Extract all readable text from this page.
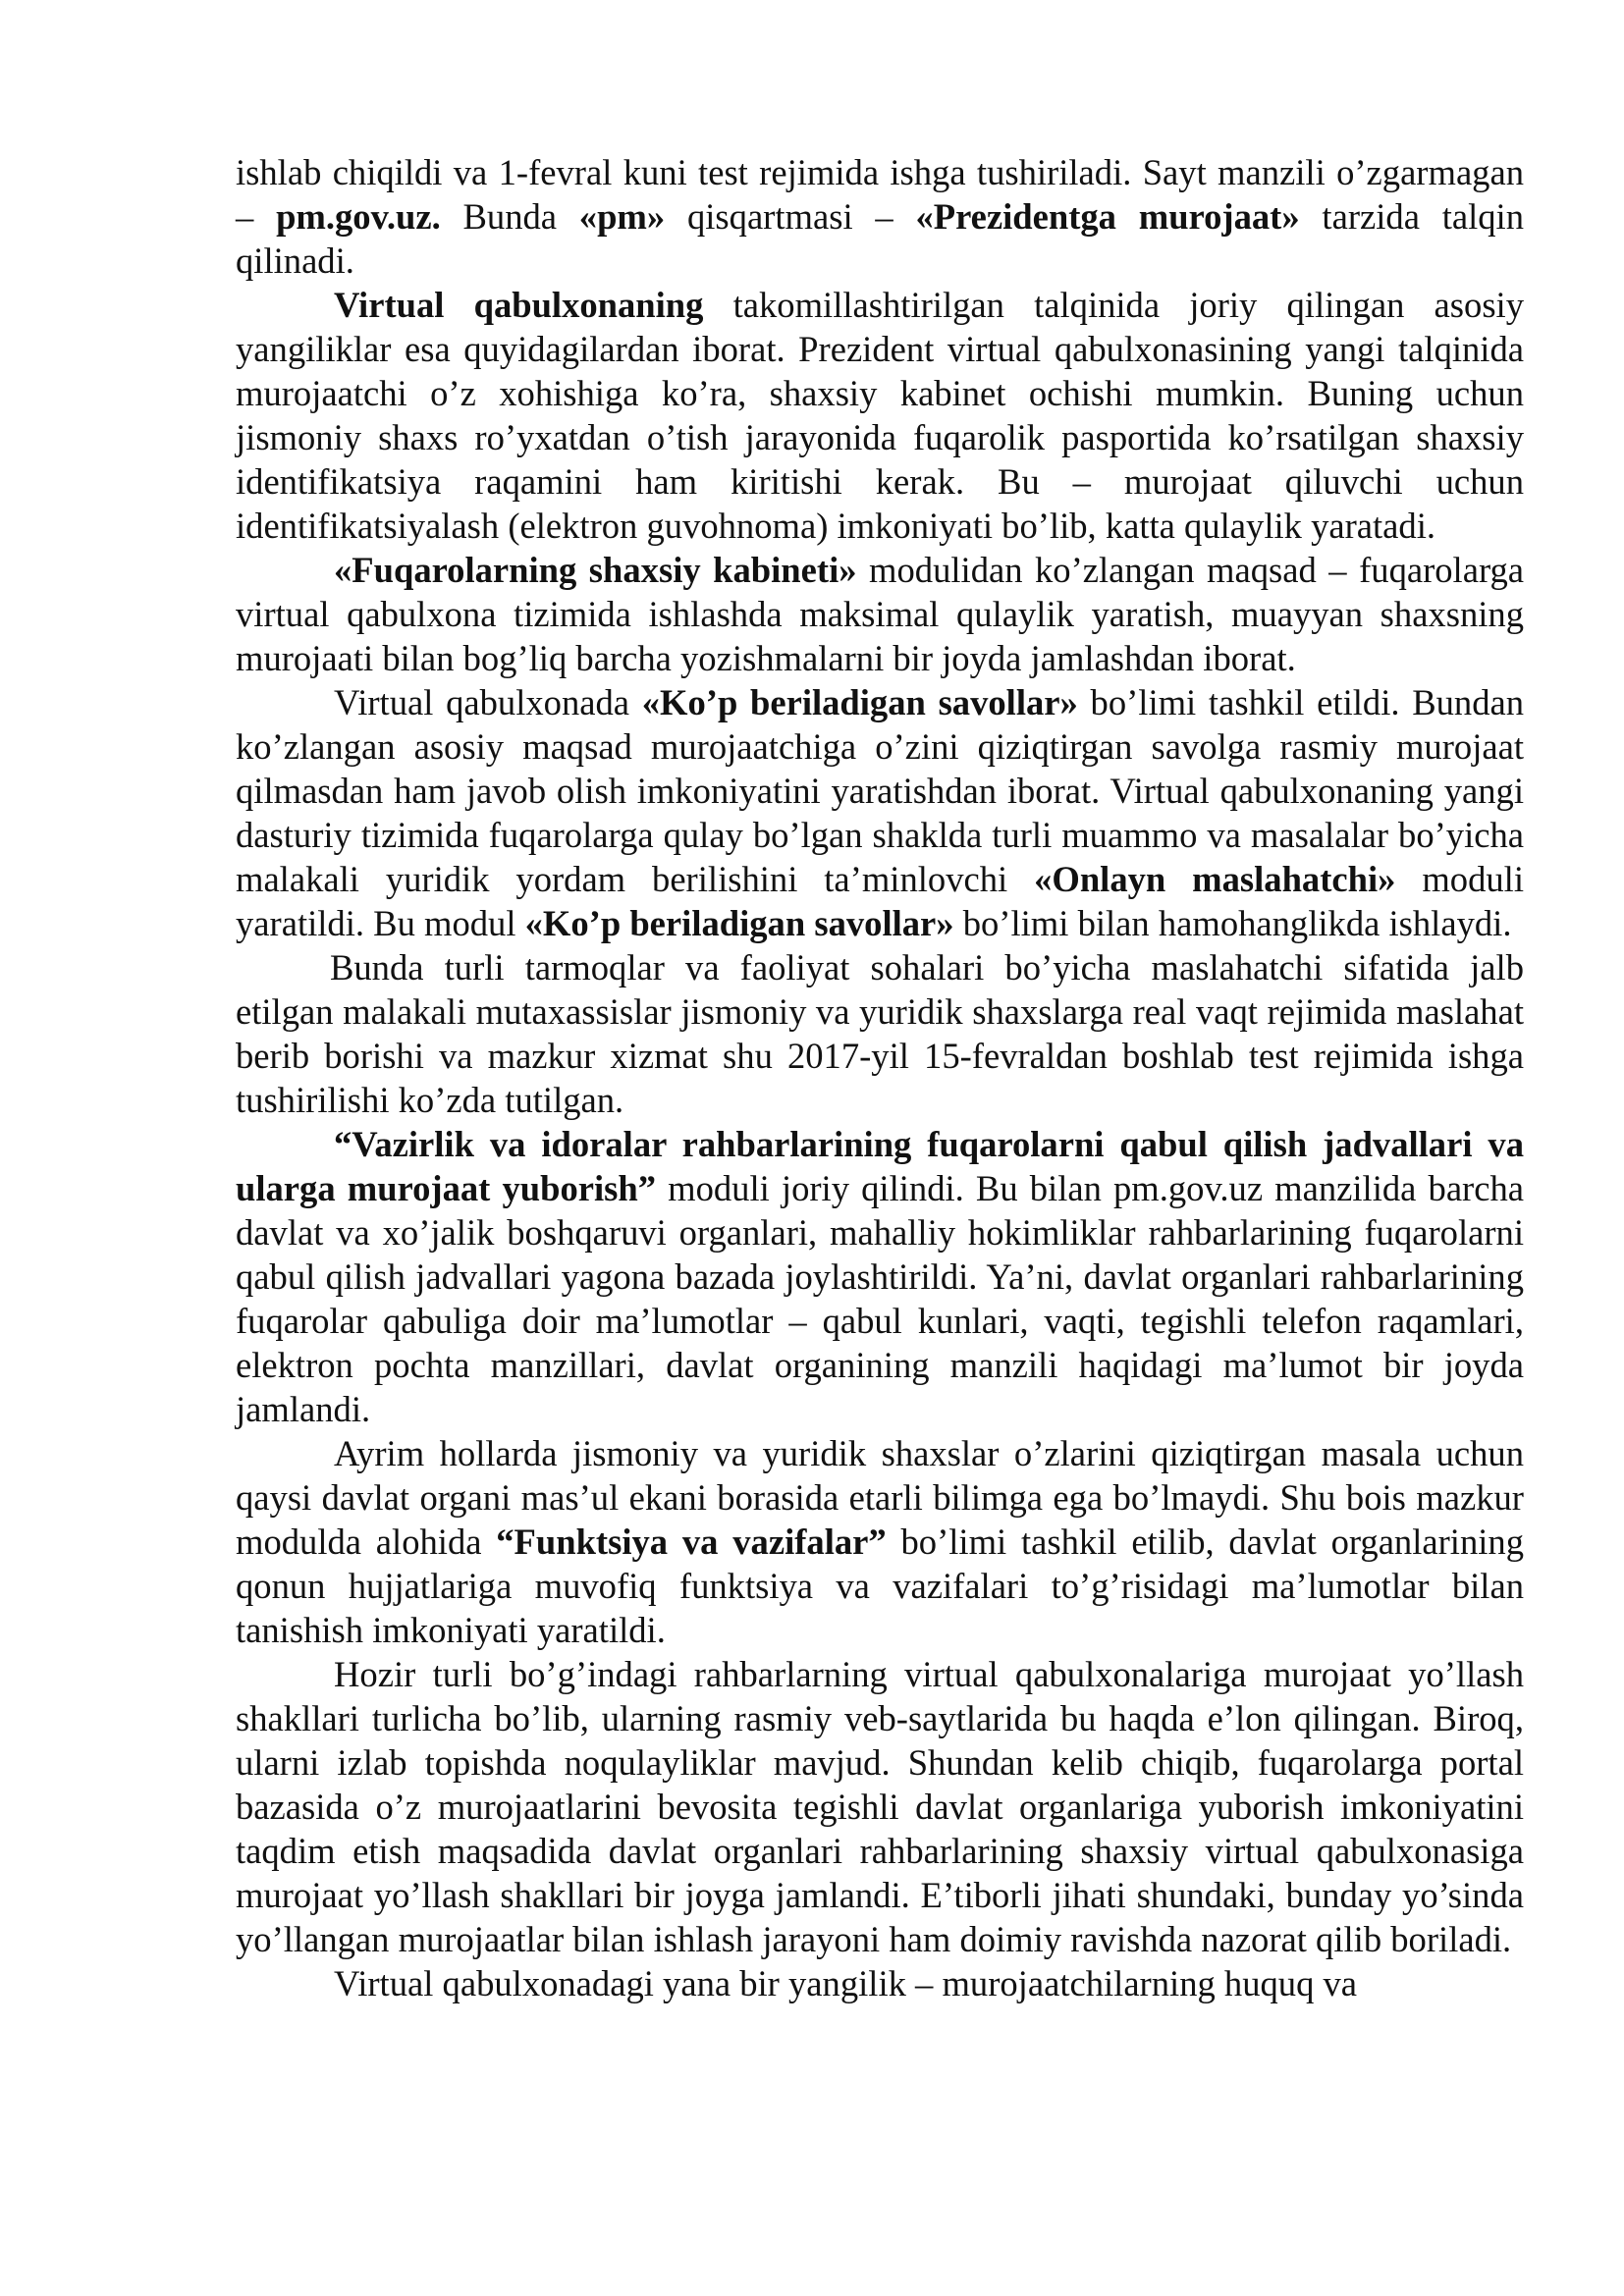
ishlab chiqildi va 1-fevral kuni test rejimida ishga tushiriladi. Sayt manzili o’zgarmagan – pm.gov.uz. Bunda «pm» qisqartmasi – «Prezidentga murojaat» tarzida talqin qilinadi.

Virtual qabulxonaning takomillashtirilgan talqinida joriy qilingan asosiy yangiliklar esa quyidagilardan iborat. Prezident virtual qabulxonasining yangi talqinida murojaatchi o’z xohishiga ko’ra, shaxsiy kabinet ochishi mumkin. Buning uchun jismoniy shaxs ro’yxatdan o’tish jarayonida fuqarolik pasportida ko’rsatilgan shaxsiy identifikatsiya raqamini ham kiritishi kerak. Bu – murojaat qiluvchi uchun identifikatsiyalash (elektron guvohnoma) imkoniyati bo’lib, katta qulaylik yaratadi.

«Fuqarolarning shaxsiy kabineti» modulidan ko’zlangan maqsad – fuqarolarga virtual qabulxona tizimida ishlashda maksimal qulaylik yaratish, muayyan shaxsning murojaati bilan bog’liq barcha yozishmalarni bir joyda jamlashdan iborat.

Virtual qabulxonada «Ko’p beriladigan savollar» bo’limi tashkil etildi. Bundan ko’zlangan asosiy maqsad murojaatchiga o’zini qiziqtirgan savolga rasmiy murojaat qilmasdan ham javob olish imkoniyatini yaratishdan iborat. Virtual qabulxonaning yangi dasturiy tizimida fuqarolarga qulay bo’lgan shaklda turli muammo va masalalar bo’yicha malakali yuridik yordam berilishini ta’minlovchi «Onlayn maslahatchi» moduli yaratildi. Bu modul «Ko’p beriladigan savollar» bo’limi bilan hamohanglikda ishlaydi.

Bunda turli tarmoqlar va faoliyat sohalari bo’yicha maslahatchi sifatida jalb etilgan malakali mutaxassislar jismoniy va yuridik shaxslarga real vaqt rejimida maslahat berib borishi va mazkur xizmat shu 2017-yil 15-fevraldan boshlab test rejimida ishga tushirilishi ko’zda tutilgan.

“Vazirlik va idoralar rahbarlarining fuqarolarni qabul qilish jadvallari va ularga murojaat yuborish” moduli joriy qilindi. Bu bilan pm.gov.uz manzilida barcha davlat va xo’jalik boshqaruvi organlari, mahalliy hokimliklar rahbarlarining fuqarolarni qabul qilish jadvallari yagona bazada joylashtirildi. Ya’ni, davlat organlari rahbarlarining fuqarolar qabuliga doir ma’lumotlar – qabul kunlari, vaqti, tegishli telefon raqamlari, elektron pochta manzillari, davlat organining manzili haqidagi ma’lumot bir joyda jamlandi.

Ayrim hollarda jismoniy va yuridik shaxslar o’zlarini qiziqtirgan masala uchun qaysi davlat organi mas’ul ekani borasida etarli bilimga ega bo’lmaydi. Shu bois mazkur modulda alohida “Funktsiya va vazifalar” bo’limi tashkil etilib, davlat organlarining qonun hujjatlariga muvofiq funktsiya va vazifalari to’g’risidagi ma’lumotlar bilan tanishish imkoniyati yaratildi.

Hozir turli bo’g’indagi rahbarlarning virtual qabulxonalariga murojaat yo’llash shakllari turlicha bo’lib, ularning rasmiy veb-saytlarida bu haqda e’lon qilingan. Biroq, ularni izlab topishda noqulayliklar mavjud. Shundan kelib chiqib, fuqarolarga portal bazasida o’z murojaatlarini bevosita tegishli davlat organlariga yuborish imkoniyatini taqdim etish maqsadida davlat organlari rahbarlarining shaxsiy virtual qabulxonasiga murojaat yo’llash shakllari bir joyga jamlandi. E’tiborli jihati shundaki, bunday yo’sinda yo’llangan murojaatlar bilan ishlash jarayoni ham doimiy ravishda nazorat qilib boriladi.

Virtual qabulxonadagi yana bir yangilik – murojaatchilarning huquq va
